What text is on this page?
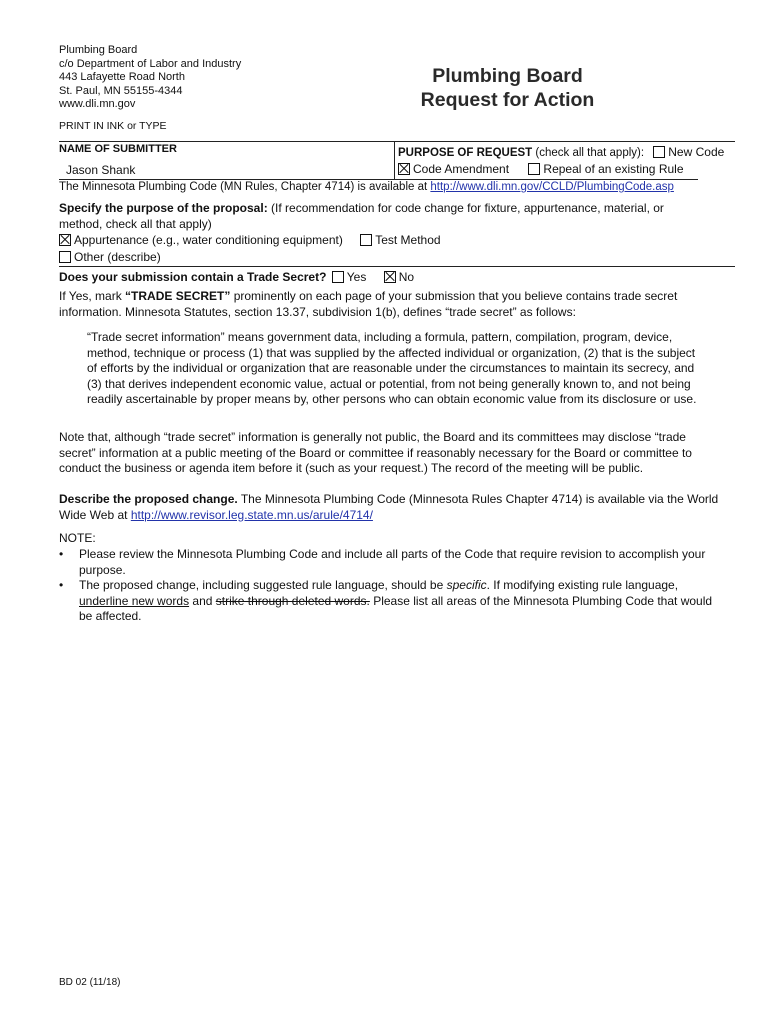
Plumbing Board
c/o Department of Labor and Industry
443 Lafayette Road North
St. Paul, MN 55155-4344
www.dli.mn.gov
Plumbing Board
Request for Action
PRINT IN INK or TYPE
NAME OF SUBMITTER
Jason Shank
PURPOSE OF REQUEST (check all that apply): New Code
Code Amendment	Repeal of an existing Rule
The Minnesota Plumbing Code (MN Rules, Chapter 4714) is available at http://www.dli.mn.gov/CCLD/PlumbingCode.asp
Specify the purpose of the proposal: (If recommendation for code change for fixture, appurtenance, material, or method, check all that apply)
Appurtenance (e.g., water conditioning equipment)	Test Method
Other (describe)
Does your submission contain a Trade Secret? Yes	No
If Yes, mark “TRADE SECRET” prominently on each page of your submission that you believe contains trade secret information. Minnesota Statutes, section 13.37, subdivision 1(b), defines “trade secret” as follows:
“Trade secret information” means government data, including a formula, pattern, compilation, program, device, method, technique or process (1) that was supplied by the affected individual or organization, (2) that is the subject of efforts by the individual or organization that are reasonable under the circumstances to maintain its secrecy, and (3) that derives independent economic value, actual or potential, from not being generally known to, and not being readily ascertainable by proper means by, other persons who can obtain economic value from its disclosure or use.
Note that, although “trade secret” information is generally not public, the Board and its committees may disclose “trade secret” information at a public meeting of the Board or committee if reasonably necessary for the Board or committee to conduct the business or agenda item before it (such as your request.) The record of the meeting will be public.
Describe the proposed change. The Minnesota Plumbing Code (Minnesota Rules Chapter 4714) is available via the World Wide Web at http://www.revisor.leg.state.mn.us/arule/4714/
NOTE:
• Please review the Minnesota Plumbing Code and include all parts of the Code that require revision to accomplish your purpose.
• The proposed change, including suggested rule language, should be specific. If modifying existing rule language, underline new words and strike through deleted words. Please list all areas of the Minnesota Plumbing Code that would be affected.
BD 02 (11/18)
